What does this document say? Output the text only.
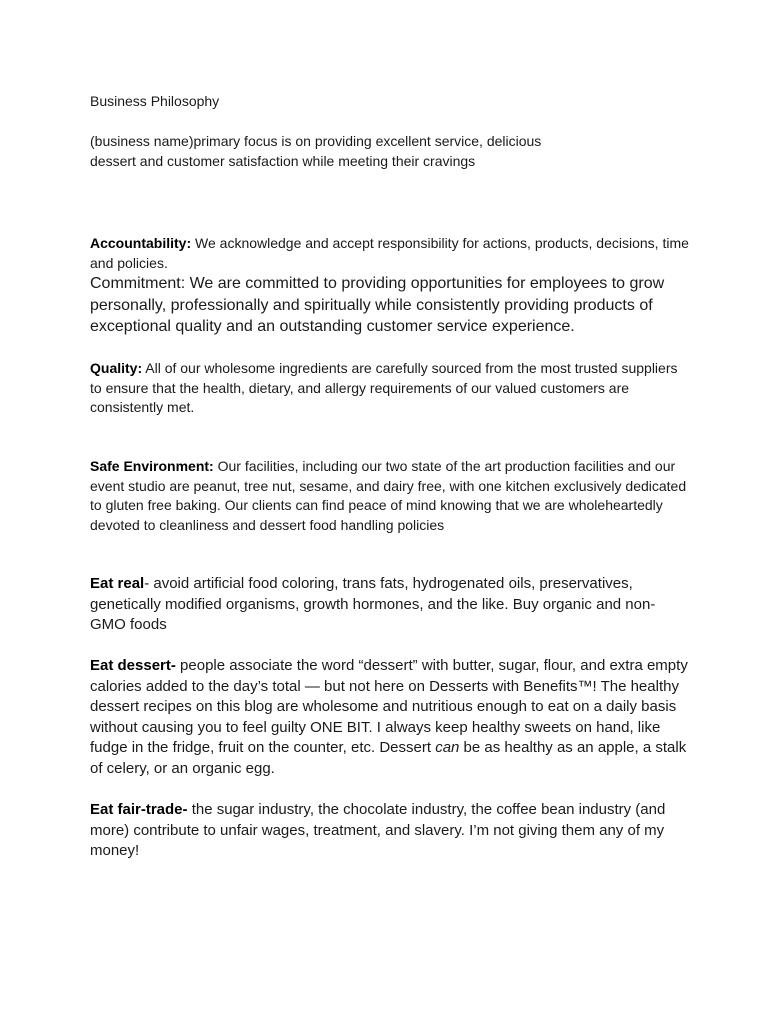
Business Philosophy

(business name)primary focus is on providing excellent service, delicious
dessert and customer satisfaction while meeting their cravings

Accountability: We acknowledge and accept responsibility for actions, products, decisions, time and policies.

Commitment: We are committed to providing opportunities for employees to grow personally, professionally and spiritually while consistently providing products of exceptional quality and an outstanding customer service experience.

Quality: All of our wholesome ingredients are carefully sourced from the most trusted suppliers to ensure that the health, dietary, and allergy requirements of our valued customers are consistently met.

Safe Environment: Our facilities, including our two state of the art production facilities and our event studio are peanut, tree nut, sesame, and dairy free, with one kitchen exclusively dedicated to gluten free baking. Our clients can find peace of mind knowing that we are wholeheartedly devoted to cleanliness and dessert food handling policies

Eat real- avoid artificial food coloring, trans fats, hydrogenated oils, preservatives, genetically modified organisms, growth hormones, and the like. Buy organic and non-GMO foods

Eat dessert- people associate the word “dessert” with butter, sugar, flour, and extra empty calories added to the day’s total — but not here on Desserts with Benefits™! The healthy dessert recipes on this blog are wholesome and nutritious enough to eat on a daily basis without causing you to feel guilty ONE BIT. I always keep healthy sweets on hand, like fudge in the fridge, fruit on the counter, etc. Dessert can be as healthy as an apple, a stalk of celery, or an organic egg.

Eat fair-trade- the sugar industry, the chocolate industry, the coffee bean industry (and more) contribute to unfair wages, treatment, and slavery. I’m not giving them any of my money!
